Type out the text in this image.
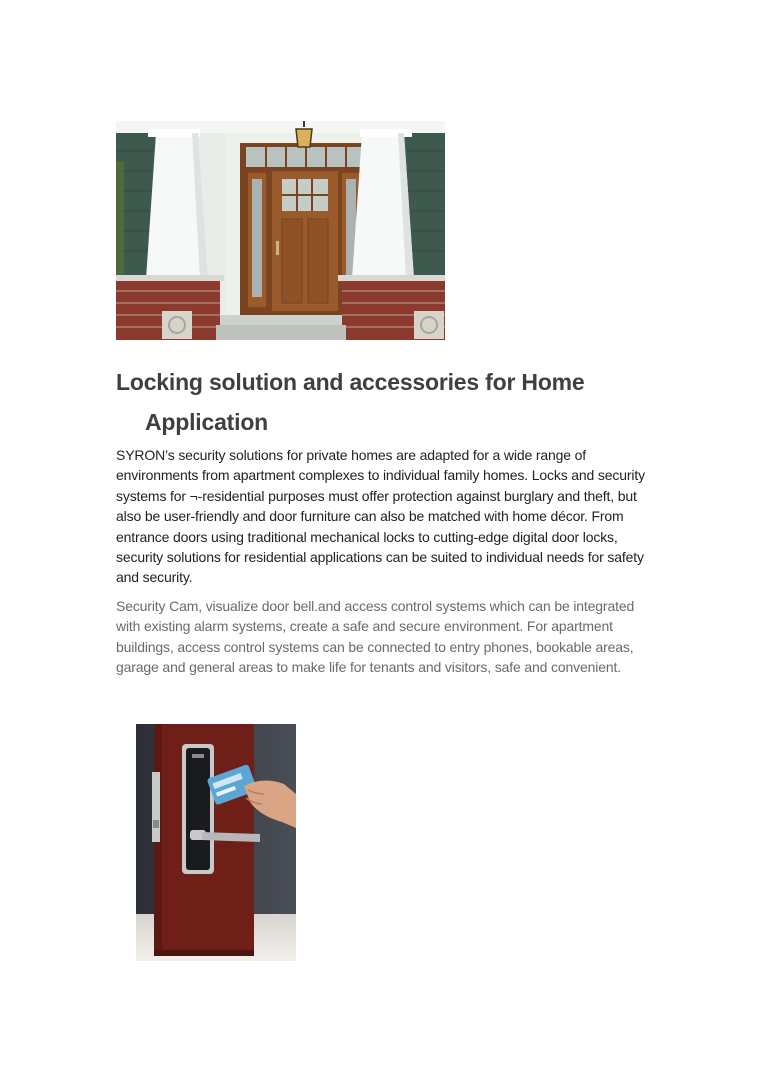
Locking solution and accessories for Home
Application

SYRON’s security solutions for private homes are adapted for a wide range of environments from apartment complexes to individual family homes. Locks and security systems for ¬-residential purposes must offer protection against burglary and theft, but also be user-friendly and door furniture can also be matched with home décor. From entrance doors using traditional mechanical locks to cutting-edge digital door locks, security solutions for residential applications can be suited to individual needs for safety and security.

Security Cam, visualize door bell.and access control systems which can be integrated with existing alarm systems, create a safe and secure environment. For apartment buildings, access control systems can be connected to entry phones, bookable areas, garage and general areas to make life for tenants and visitors, safe and convenient.
